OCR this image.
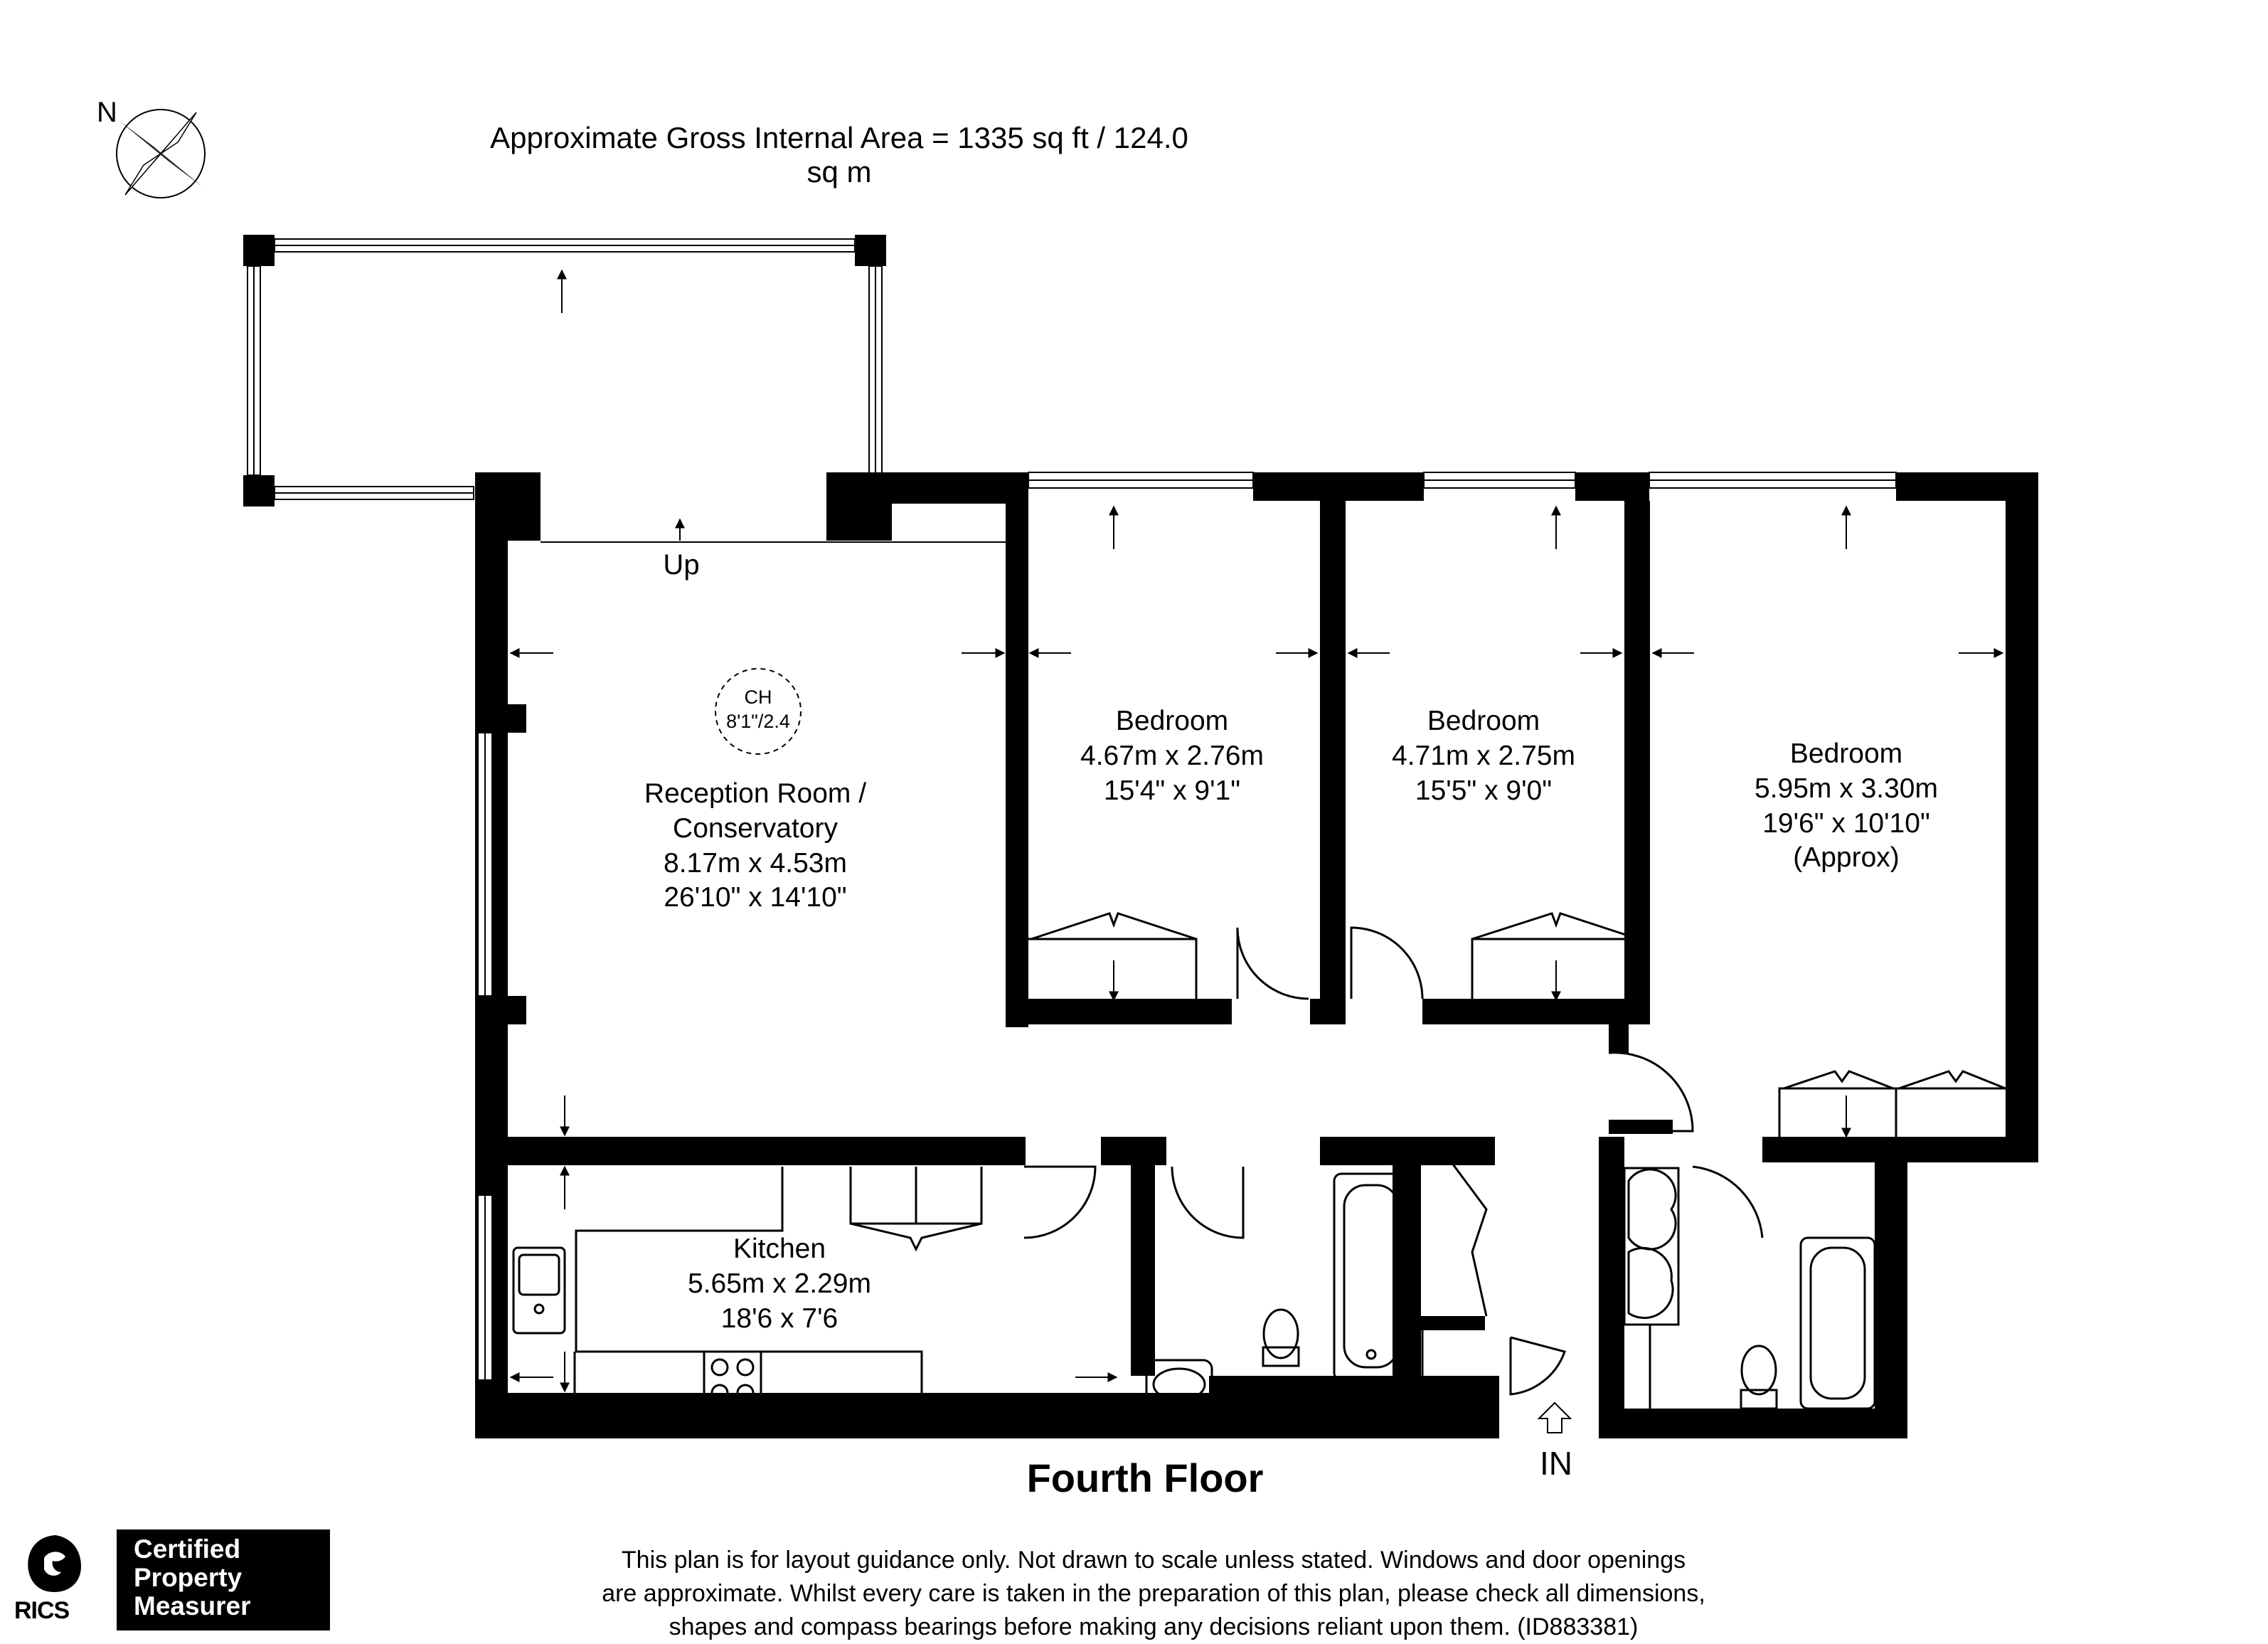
N
Approximate Gross Internal Area = 1335 sq ft / 124.0 sq m
CH
8'1"/2.4
Reception Room /
Conservatory
8.17m x 4.53m
26'10" x 14'10"
Bedroom
4.67m x 2.76m
15'4" x 9'1"
Bedroom
4.71m x 2.75m
15'5" x 9'0"
Bedroom
5.95m x 3.30m
19'6" x 10'10"
(Approx)
Kitchen
5.65m x 2.29m
18'6 x 7'6
Up
IN
Fourth Floor
This plan is for layout guidance only. Not drawn to scale unless stated. Windows and door openings
are approximate. Whilst every care is taken in the preparation of this plan, please check all dimensions,
shapes and compass bearings before making any decisions reliant upon them. (ID883381)
RICS
Certified
Property
Measurer
